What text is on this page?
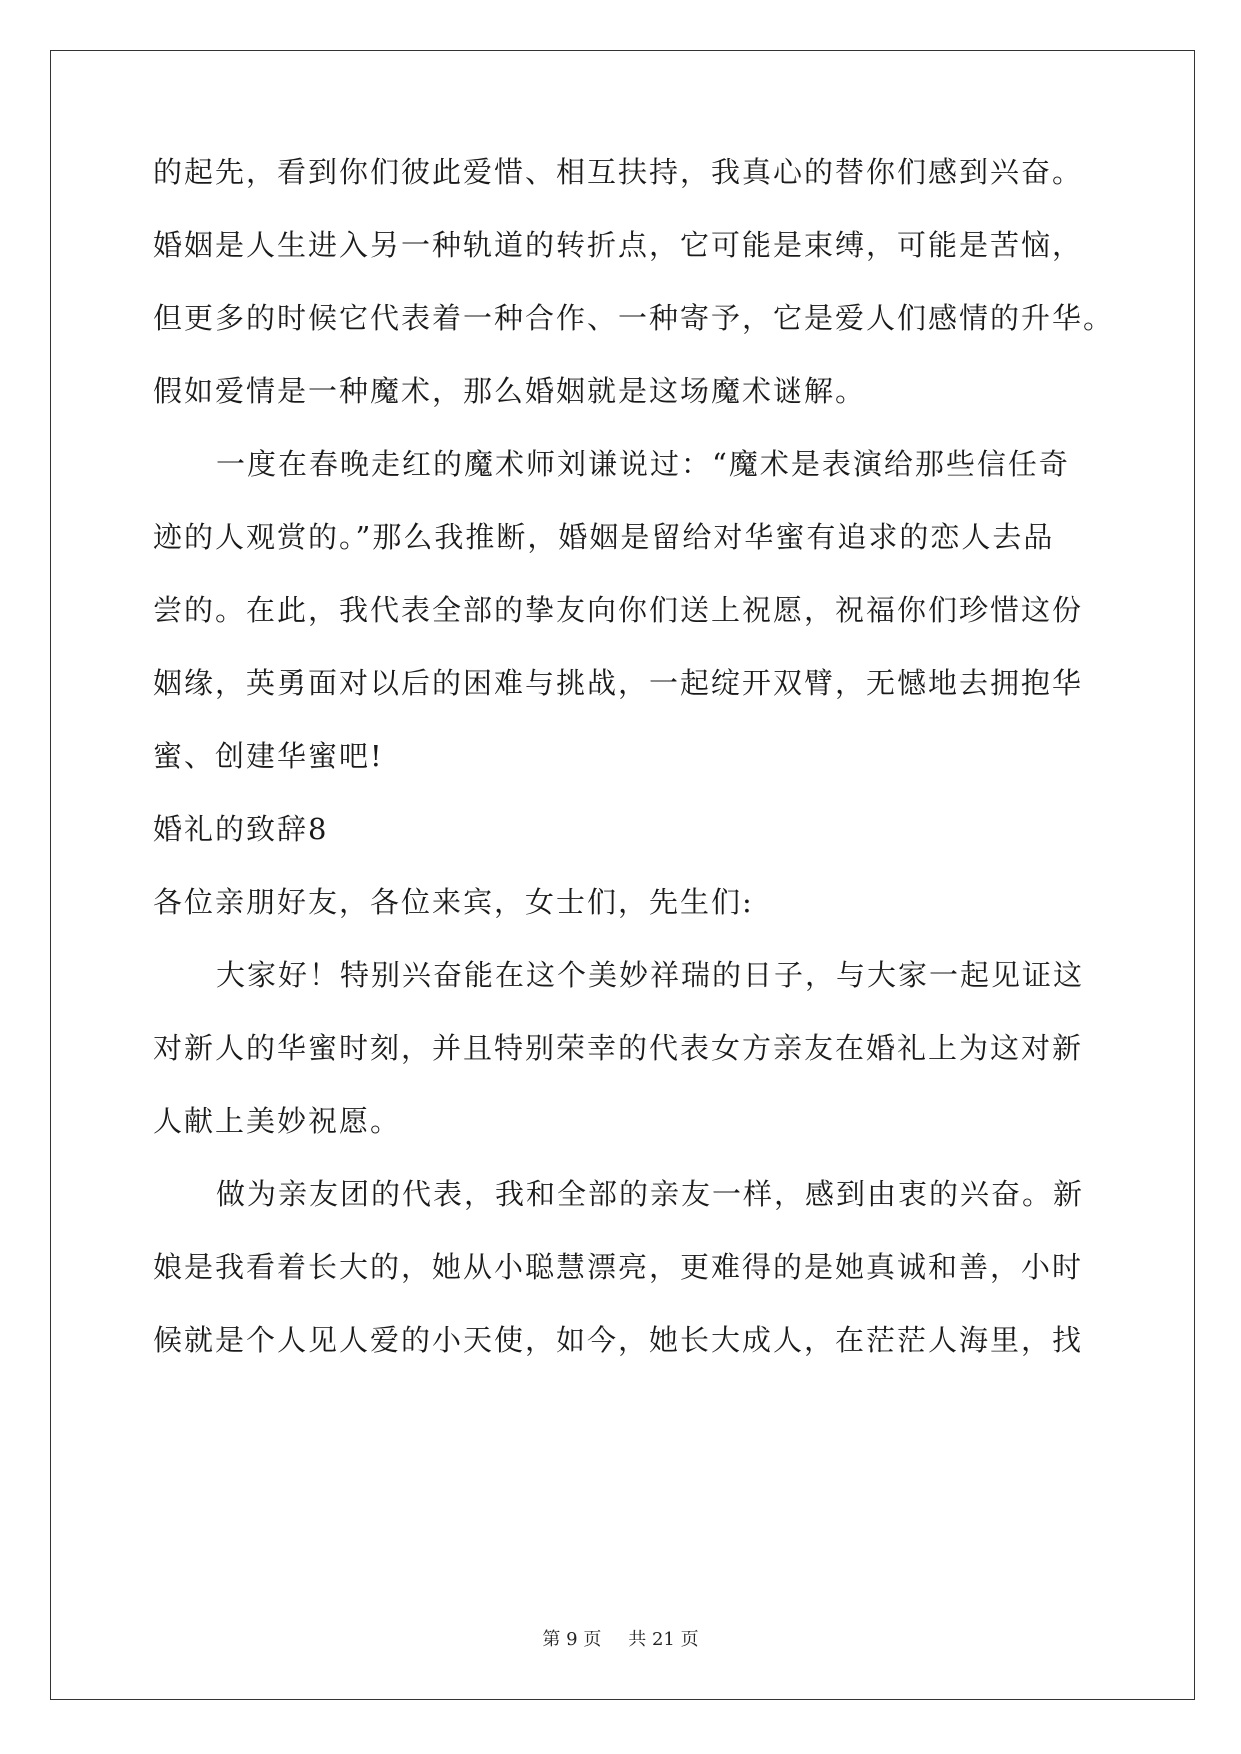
的起先，看到你们彼此爱惜、相互扶持，我真心的替你们感到兴奋。
婚姻是人生进入另一种轨道的转折点，它可能是束缚，可能是苦恼，
但更多的时候它代表着一种合作、一种寄予，它是爱人们感情的升华。
假如爱情是一种魔术，那么婚姻就是这场魔术谜解。
一度在春晚走红的魔术师刘谦说过：“魔术是表演给那些信任奇
迹的人观赏的。”那么我推断，婚姻是留给对华蜜有追求的恋人去品
尝的。在此，我代表全部的挚友向你们送上祝愿，祝福你们珍惜这份
姻缘，英勇面对以后的困难与挑战，一起绽开双臂，无憾地去拥抱华
蜜、创建华蜜吧!
婚礼的致辞8
各位亲朋好友，各位来宾，女士们，先生们:
大家好！特别兴奋能在这个美妙祥瑞的日子，与大家一起见证这
对新人的华蜜时刻，并且特别荣幸的代表女方亲友在婚礼上为这对新
人献上美妙祝愿。
做为亲友团的代表，我和全部的亲友一样，感到由衷的兴奋。新
娘是我看着长大的，她从小聪慧漂亮，更难得的是她真诚和善，小时
候就是个人见人爱的小天使，如今，她长大成人，在茫茫人海里，找
第 9 页 共 21 页
